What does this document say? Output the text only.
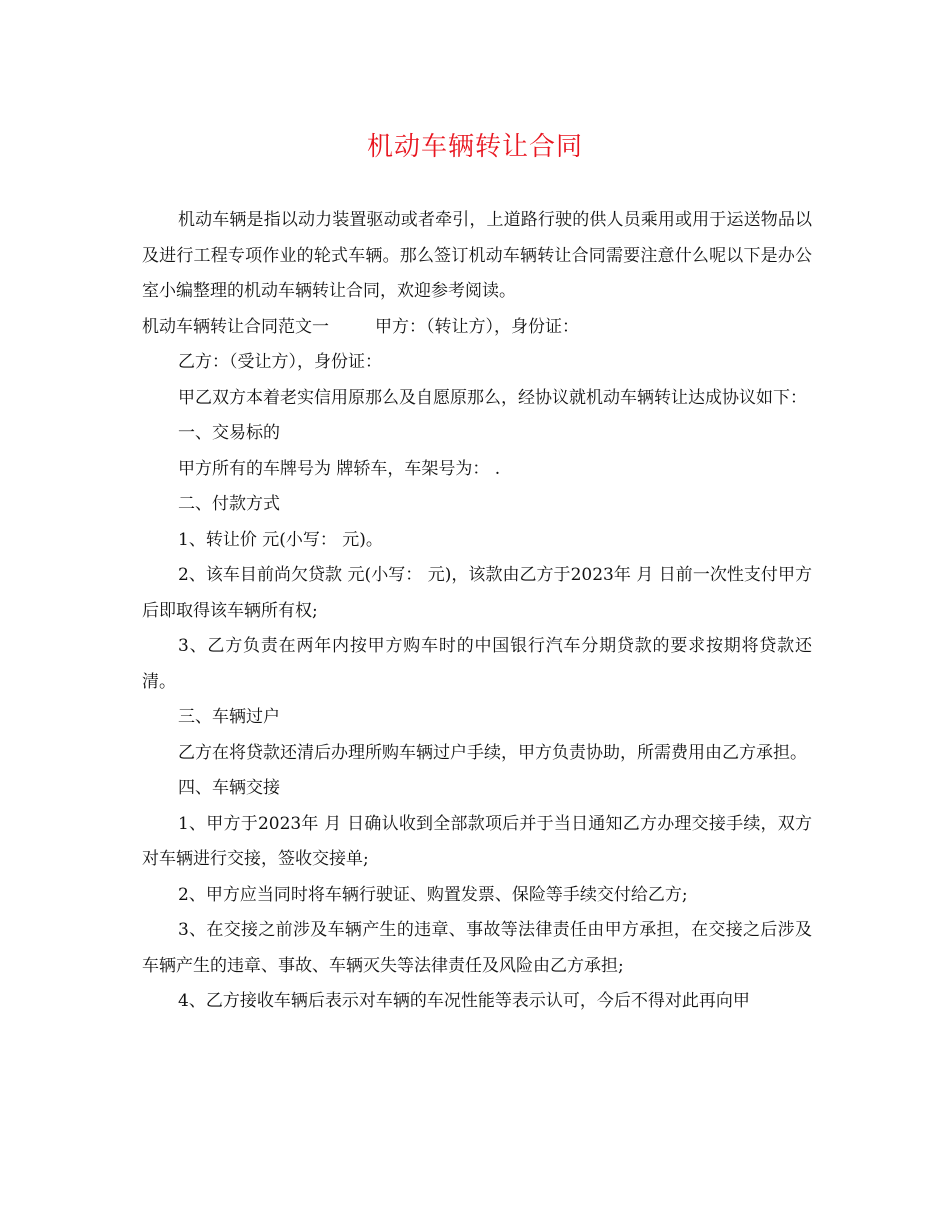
机动车辆转让合同

机动车辆是指以动力装置驱动或者牵引，上道路行驶的供人员乘用或用于运送物品以及进行工程专项作业的轮式车辆。那么签订机动车辆转让合同需要注意什么呢以下是办公室小编整理的机动车辆转让合同，欢迎参考阅读。

机动车辆转让合同范文一	甲方：（转让方），身份证：

乙方：（受让方），身份证：

甲乙双方本着老实信用原那么及自愿原那么，经协议就机动车辆转让达成协议如下：

一、交易标的

甲方所有的车牌号为 牌轿车，车架号为： .

二、付款方式

1、转让价 元(小写： 元)。

2、该车目前尚欠贷款 元(小写： 元)，该款由乙方于2023年 月 日前一次性支付甲方后即取得该车辆所有权;

3、乙方负责在两年内按甲方购车时的中国银行汽车分期贷款的要求按期将贷款还清。

三、车辆过户

乙方在将贷款还清后办理所购车辆过户手续，甲方负责协助，所需费用由乙方承担。

四、车辆交接

1、甲方于2023年 月 日确认收到全部款项后并于当日通知乙方办理交接手续，双方对车辆进行交接，签收交接单;

2、甲方应当同时将车辆行驶证、购置发票、保险等手续交付给乙方;

3、在交接之前涉及车辆产生的违章、事故等法律责任由甲方承担，在交接之后涉及车辆产生的违章、事故、车辆灭失等法律责任及风险由乙方承担;

4、乙方接收车辆后表示对车辆的车况性能等表示认可，今后不得对此再向甲
